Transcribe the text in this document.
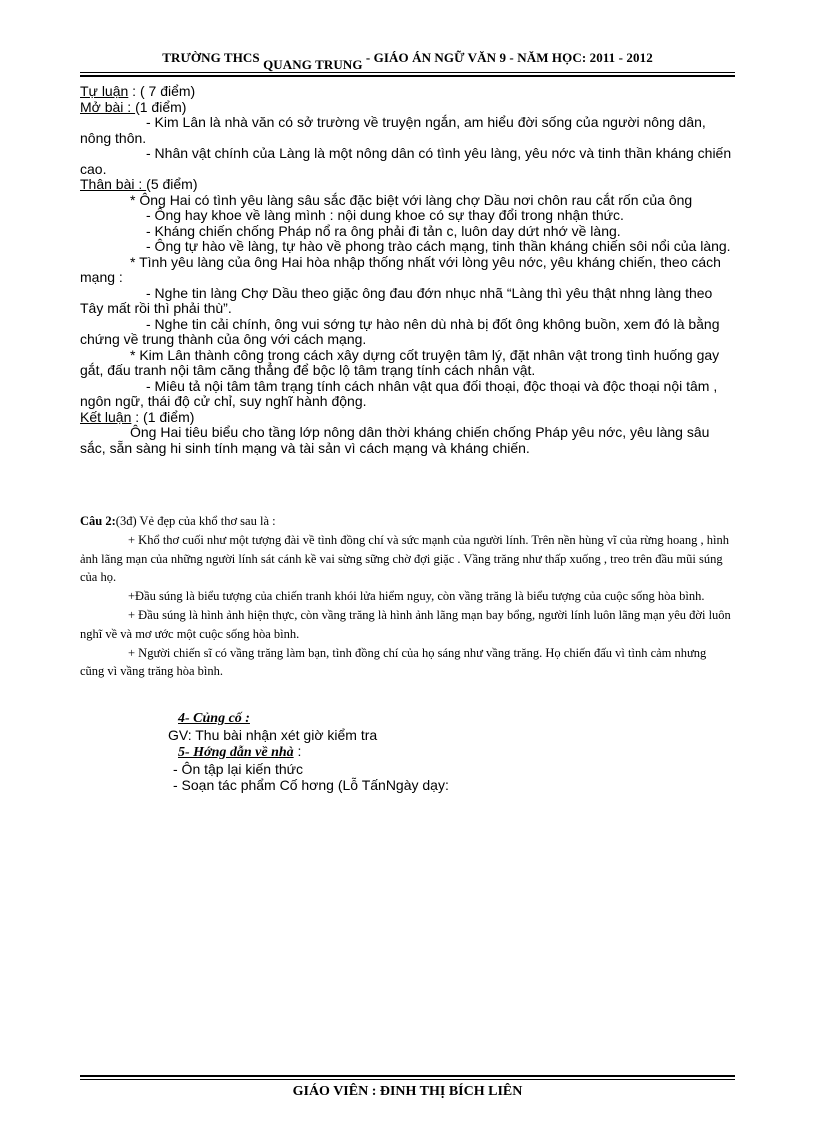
TRƯỜNG THCS QUANG TRUNG - GIÁO ÁN NGỮ VĂN 9 - NĂM HỌC: 2011 - 2012

Tự luận : ( 7 điểm)

Mở bài : (1 điểm)

- Kim Lân là nhà văn có sở trường về truyện ngắn, am hiểu đời sống của người nông dân, nông thôn.

- Nhân vật chính của Làng là một nông dân có tình yêu làng, yêu nớc và tinh thần kháng chiến cao.

Thân bài : (5 điểm)

* Ông Hai có tình yêu làng sâu sắc đặc biệt với làng chợ Dầu nơi chôn rau cắt rốn của ông

- Ông hay khoe về làng mình : nội dung khoe có sự thay đổi trong nhận thức.

- Kháng chiến chống Pháp nổ ra ông phải đi tản c, luôn day dứt nhớ về làng.

- Ông tự hào về làng, tự hào về phong trào cách mạng, tinh thần kháng chiến sôi nổi của làng.

* Tình yêu làng của ông Hai hòa nhập thống nhất với lòng yêu nớc, yêu kháng chiến, theo cách mạng :

- Nghe tin làng Chợ Dầu theo giặc ông đau đớn nhục nhã “Làng thì yêu thật nhng làng theo Tây mất rồi thì phải thù”.

- Nghe tin cải chính, ông vui sớng tự hào nên dù nhà bị đốt ông không buồn, xem đó là bằng chứng về trung thành của ông với cách mạng.

* Kim Lân thành công trong cách xây dựng cốt truyện tâm lý, đặt nhân vật trong tình huống gay gắt, đấu tranh nội tâm căng thẳng để bộc lộ tâm trạng tính cách nhân vật.

- Miêu tả nội tâm tâm trạng tính cách nhân vật qua đối thoại, độc thoại và độc thoại nội tâm , ngôn ngữ, thái độ cử chỉ, suy nghĩ hành động.

Kết luận : (1 điểm)

Ông Hai tiêu biểu cho tầng lớp nông dân thời kháng chiến chống Pháp yêu nớc, yêu làng sâu sắc, sẵn sàng hi sinh tính mạng và tài sản vì cách mạng và kháng chiến.

Câu 2:(3đ) Vẻ đẹp của khổ thơ sau là :

+ Khổ thơ cuối như một tượng đài về tình đồng chí và sức mạnh của người lính. Trên nền hùng vĩ của rừng hoang , hình ảnh lãng mạn của những người lính sát cánh kề vai sừng sững chờ đợi giặc . Vầng trăng như thấp xuống , treo trên đầu mũi súng của họ.

+Đầu súng là biểu tượng của chiến tranh khói lửa hiểm nguy, còn vầng trăng là biểu tượng của cuộc sống hòa bình.

+ Đầu súng là hình ảnh hiện thực, còn vầng trăng là hình ảnh lãng mạn bay bổng, người lính luôn lãng mạn yêu đời luôn nghĩ về và mơ ước một cuộc sống hòa bình.

+ Người chiến sĩ có vầng trăng làm bạn, tình đồng chí của họ sáng như vầng trăng. Họ chiến đấu vì tình cảm nhưng cũng vì vầng trăng hòa bình.

4- Củng cố :

GV: Thu bài nhận xét giờ kiểm tra

5- Hớng dẫn về nhà :

- Ôn tập lại kiến thức

- Soạn tác phẩm Cố hơng (Lỗ TấnNgày dạy:

GIÁO VIÊN : ĐINH THỊ BÍCH LIÊN
